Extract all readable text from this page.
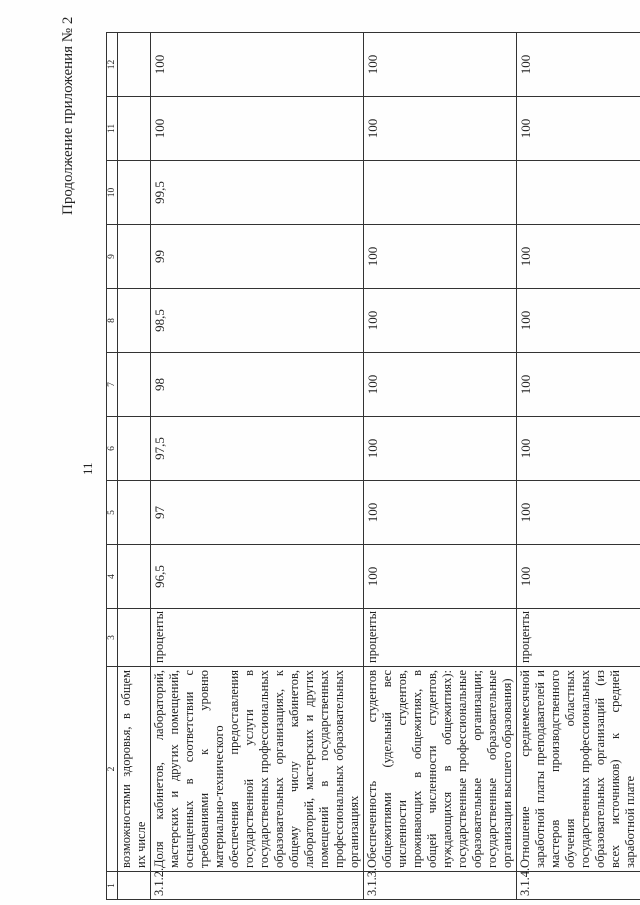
11
Продолжение приложения № 2
1	2	3	4	5	6	7	8	9	10	11	12
	возможностями здоровья, в общем их числе										
3.1.2.	Доля кабинетов, лабораторий, мастерских и других помещений, оснащенных в соответствии с требованиями к уровню материально-технического обеспечения предоставления государственной услуги в государственных профессиональных образовательных организациях, к общему числу кабинетов, лабораторий, мастерских и других помещений в государственных профессиональных образовательных организациях	проценты	96,5	97	97,5	98	98,5	99	99,5	100	100
3.1.3.	Обеспеченность студентов общежитиями (удельный вес численности студентов, проживающих в общежитиях, в общей численности студентов, нуждающихся в общежитиях): государственные профессиональные образовательные организации; государственные образовательные организации высшего образования)	проценты	100	100	100	100	100	100		100	100
3.1.4.	Отношение среднемесячной заработной платы преподавателей и мастеров производственного обучения областных государственных профессиональных образовательных организаций (из всех источников) к средней заработной плате	проценты	100	100	100	100	100	100		100	100
